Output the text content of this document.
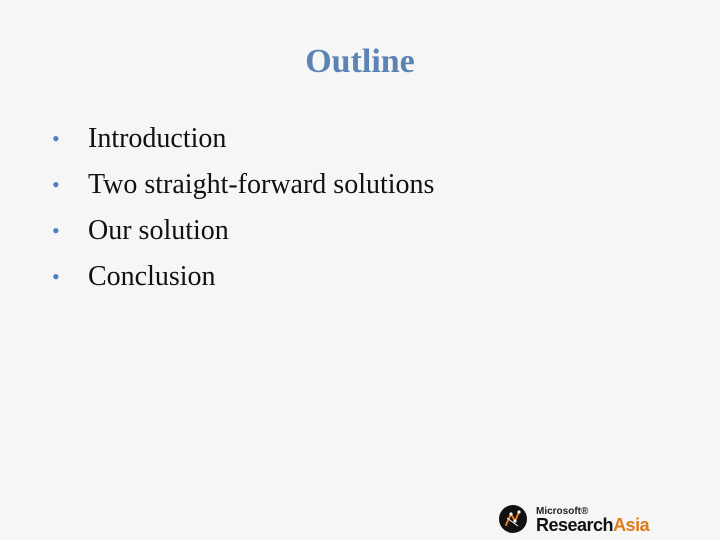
Outline
•	Introduction
•	Two straight-forward solutions
•	Our solution
•	Conclusion
Microsoft®
ResearchAsia
